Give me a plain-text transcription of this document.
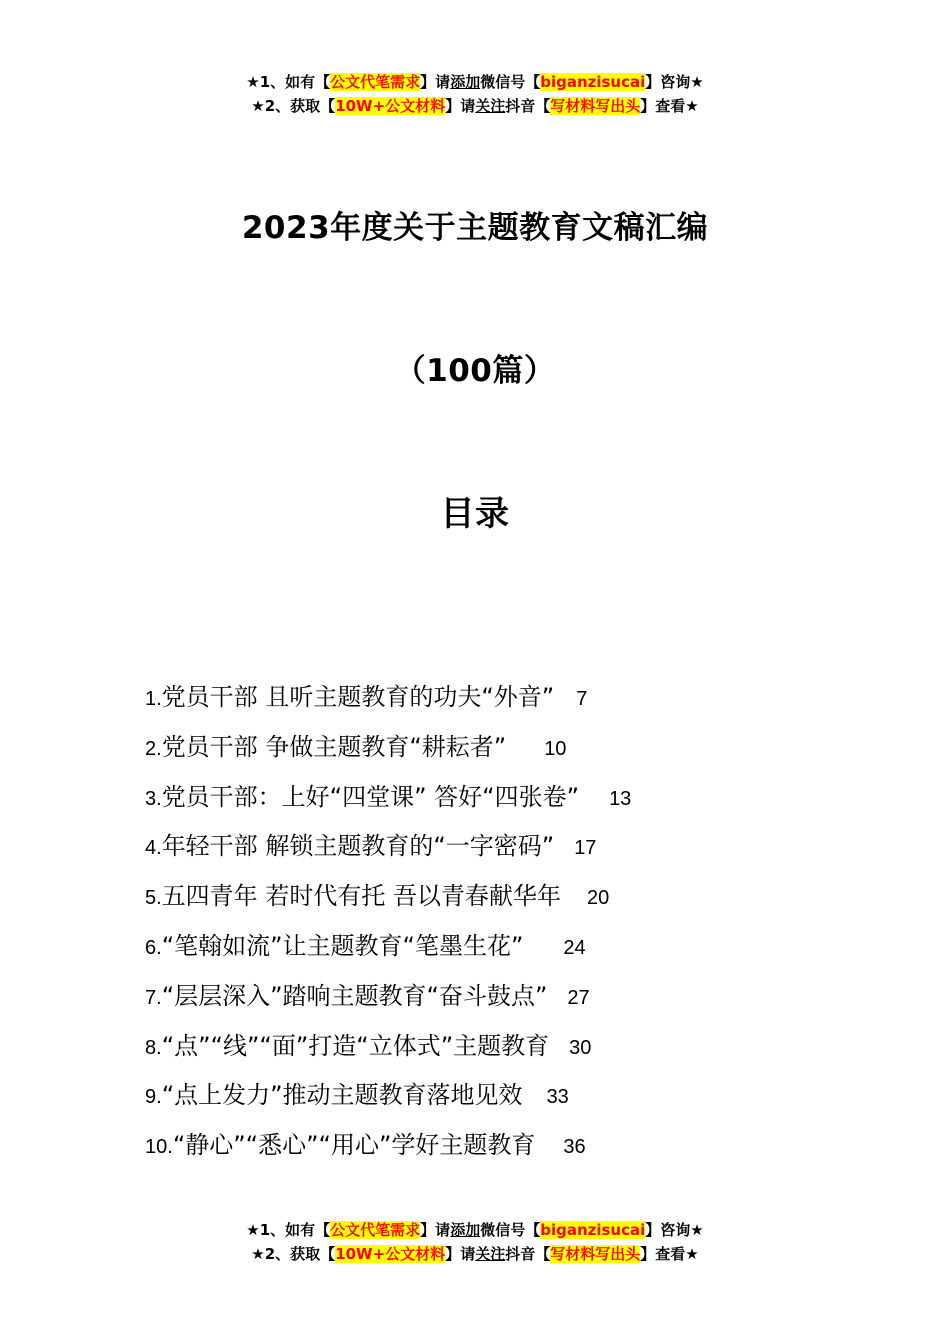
★1、如有【公文代笔需求】请添加微信号【biganzisucai】咨询★
★2、获取【10W+公文材料】请关注抖音【写材料写出头】查看★
2023年度关于主题教育文稿汇编
（100篇）
目录
1.党员干部 且听主题教育的功夫“外音” 7
2.党员干部 争做主题教育“耕耘者” 10
3.党员干部：上好“四堂课” 答好“四张卷” 13
4.年轻干部 解锁主题教育的“一字密码” 17
5.五四青年 若时代有托 吾以青春献华年 20
6.“笔翰如流”让主题教育“笔墨生花” 24
7.“层层深入”踏响主题教育“奋斗鼓点” 27
8.“点”“线”“面”打造“立体式”主题教育 30
9.“点上发力”推动主题教育落地见效 33
10.“静心”“悉心”“用心”学好主题教育 36
★1、如有【公文代笔需求】请添加微信号【biganzisucai】咨询★
★2、获取【10W+公文材料】请关注抖音【写材料写出头】查看★
